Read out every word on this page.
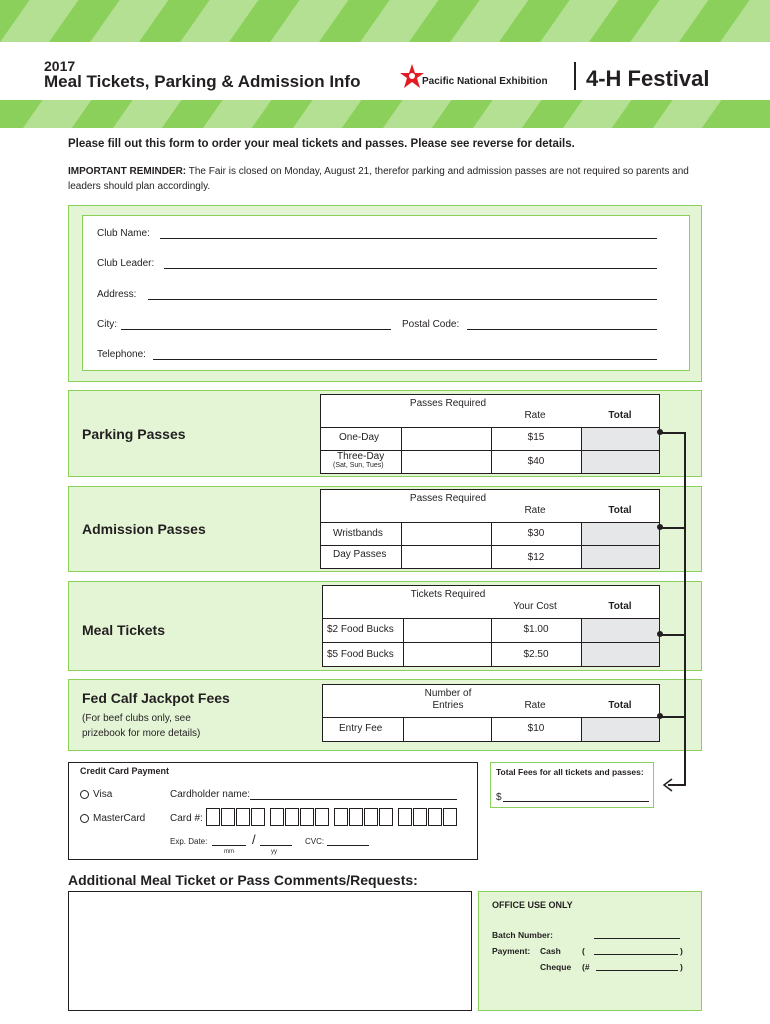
2017
Meal Tickets, Parking & Admission Info	Pacific National Exhibition 4-H Festival
Please fill out this form to order your meal tickets and passes. Please see reverse for details.
IMPORTANT REMINDER: The Fair is closed on Monday, August 21, therefor parking and admission passes are not required so parents and leaders should plan accordingly.
Club Name:
Club Leader:
Address:
City:	Postal Code:
Telephone:
Parking Passes
Passes Required
Rate	Total
One-Day	$15
Three-Day
(Sat, Sun, Tues)	$40
Admission Passes
Passes Required
Rate	Total
Wristbands	$30
Day Passes	$12
Meal Tickets
Tickets Required
Your Cost	Total
$2 Food Bucks	$1.00
$5 Food Bucks	$2.50
Fed Calf Jackpot Fees
(For beef clubs only, see prizebook for more details)
Number of Entries	Rate	Total
Entry Fee	$10
Credit Card Payment
Visa
MasterCard
Cardholder name:
Card #:
Exp. Date:	/
mm	yy
CVC:
Total Fees for all tickets and passes:
$
Additional Meal Ticket or Pass Comments/Requests:
OFFICE USE ONLY
Batch Number:
Payment: Cash (	)
Cheque (#	)
